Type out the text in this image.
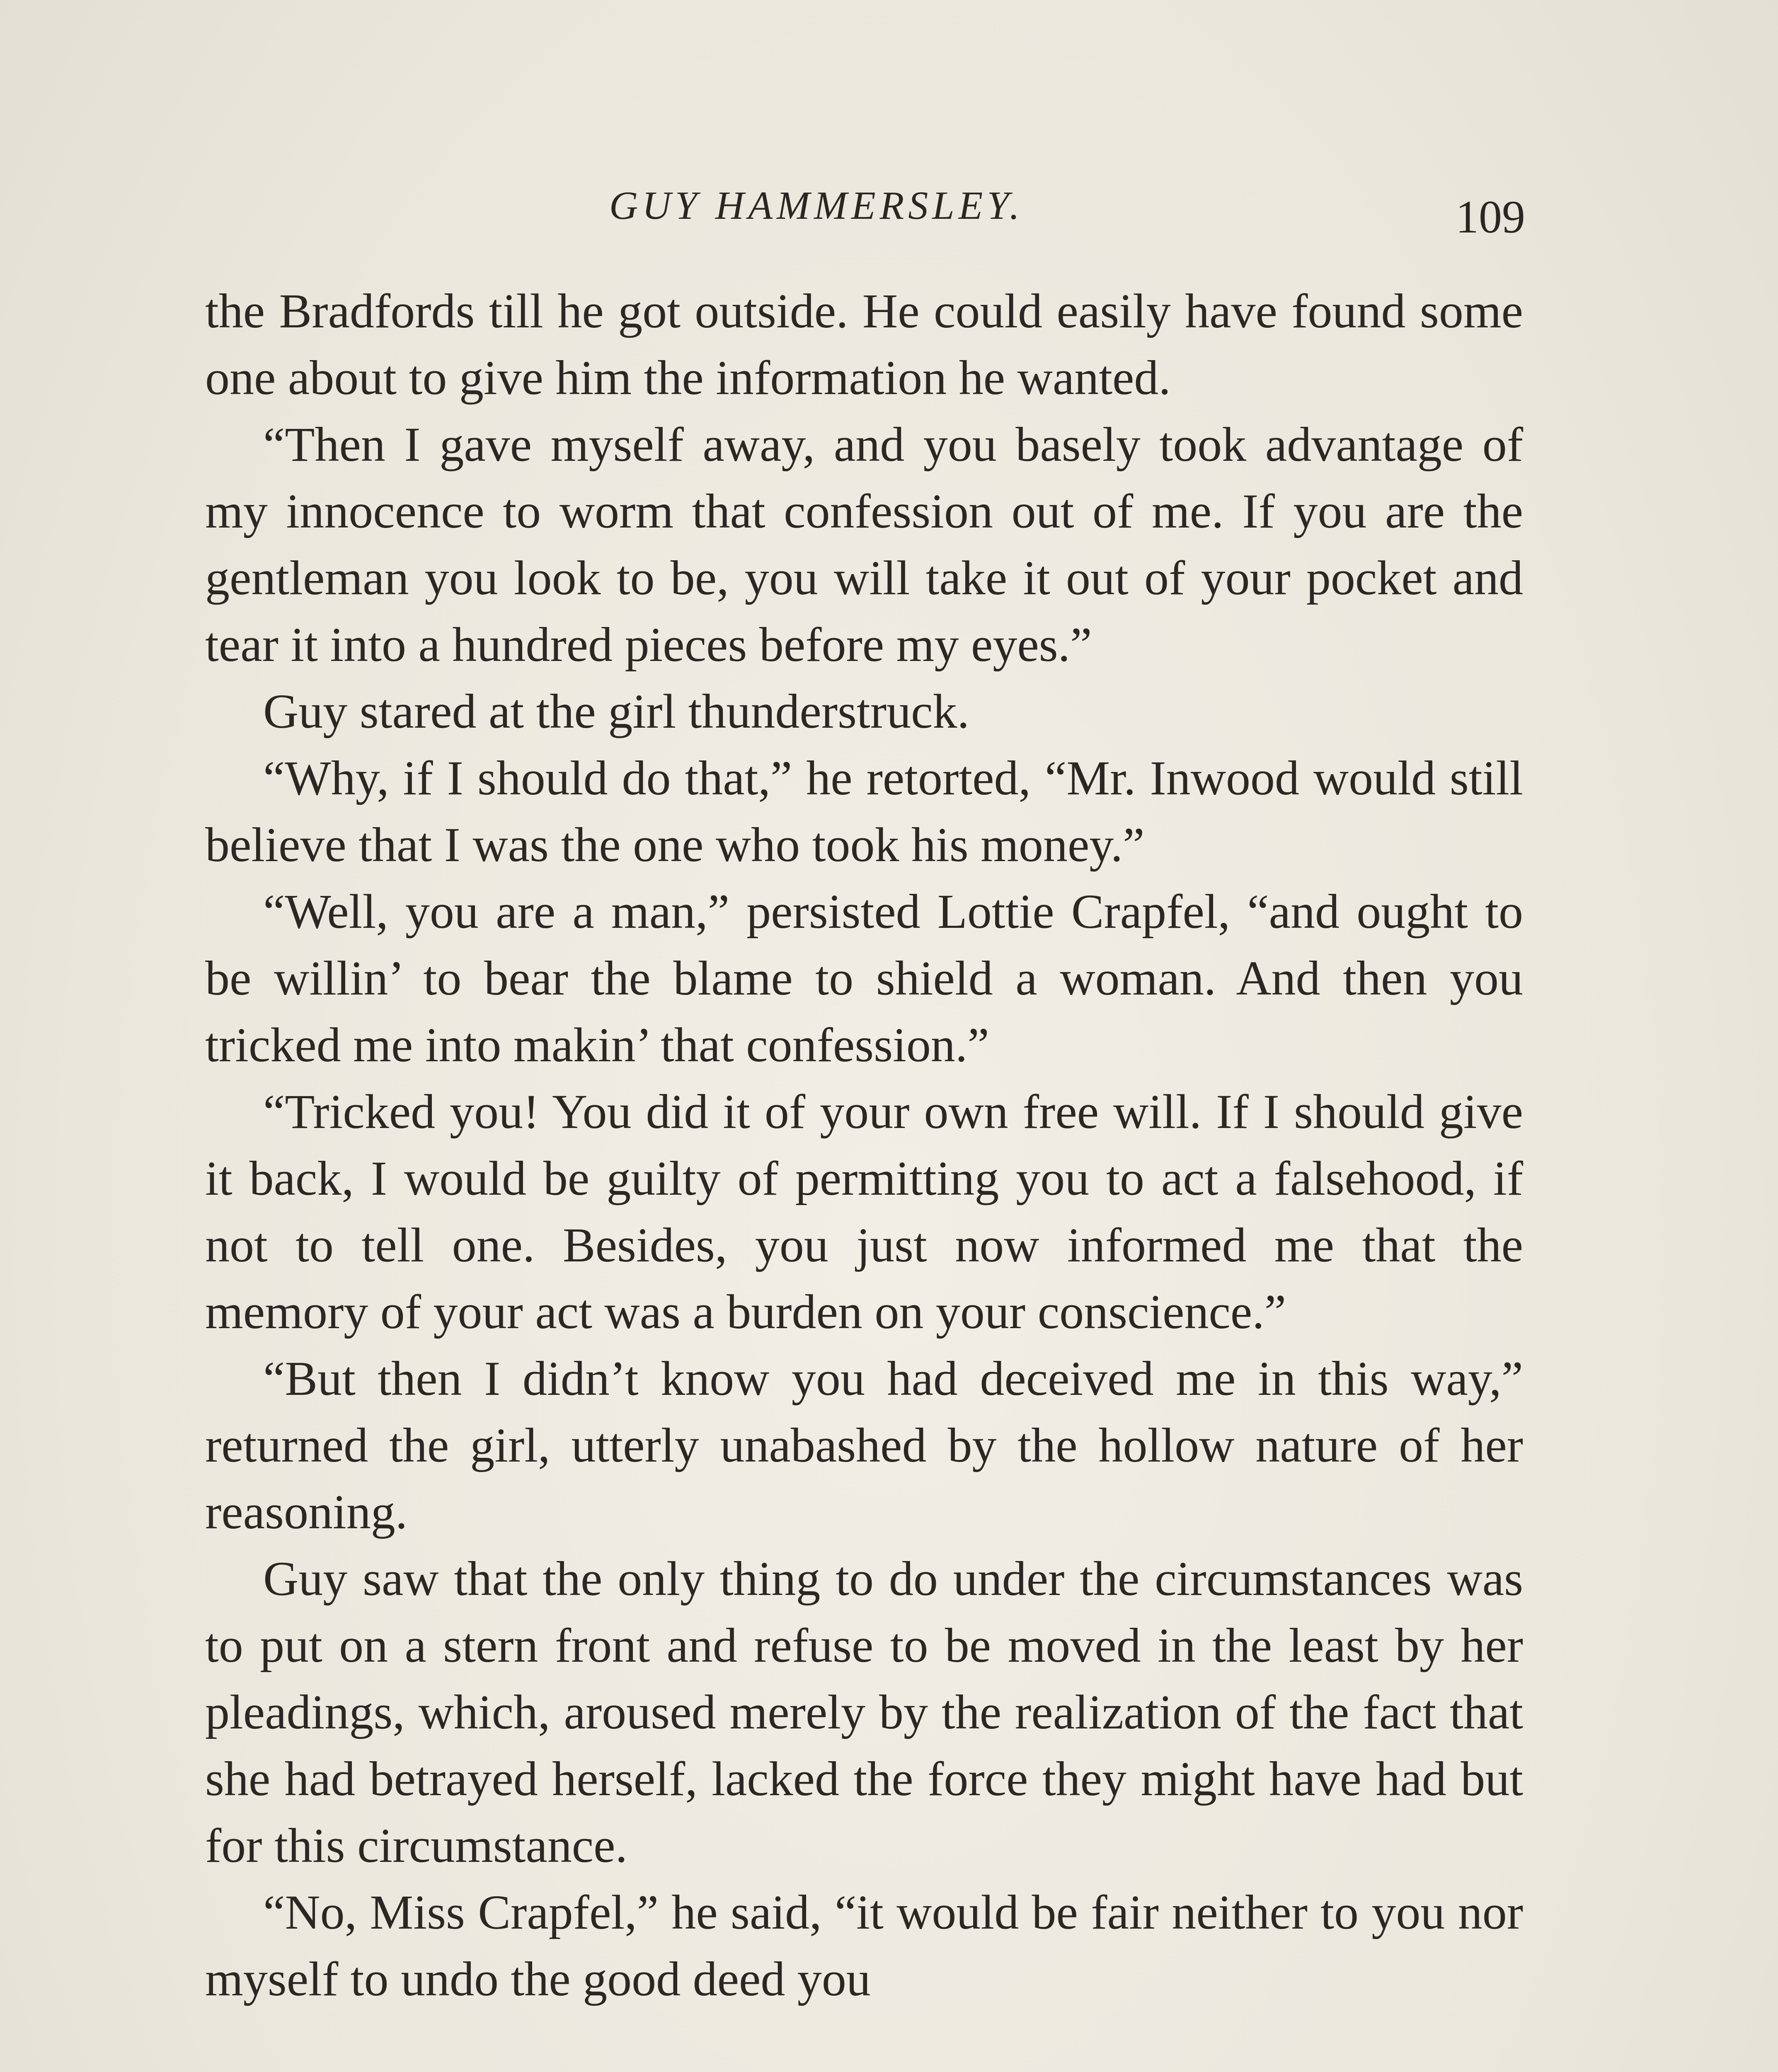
GUY HAMMERSLEY.	109

the Bradfords till he got outside. He could easily have found some one about to give him the information he wanted.

“Then I gave myself away, and you basely took advantage of my innocence to worm that confession out of me. If you are the gentleman you look to be, you will take it out of your pocket and tear it into a hundred pieces before my eyes.”

Guy stared at the girl thunderstruck.

“Why, if I should do that,” he retorted, “Mr. Inwood would still believe that I was the one who took his money.”

“Well, you are a man,” persisted Lottie Crapfel, “and ought to be willin’ to bear the blame to shield a woman. And then you tricked me into makin’ that confession.”

“Tricked you! You did it of your own free will. If I should give it back, I would be guilty of permitting you to act a falsehood, if not to tell one. Besides, you just now informed me that the memory of your act was a burden on your conscience.”

“But then I didn’t know you had deceived me in this way,” returned the girl, utterly unabashed by the hollow nature of her reasoning.

Guy saw that the only thing to do under the circumstances was to put on a stern front and refuse to be moved in the least by her pleadings, which, aroused merely by the realization of the fact that she had betrayed herself, lacked the force they might have had but for this circumstance.

“No, Miss Crapfel,” he said, “it would be fair neither to you nor myself to undo the good deed you
